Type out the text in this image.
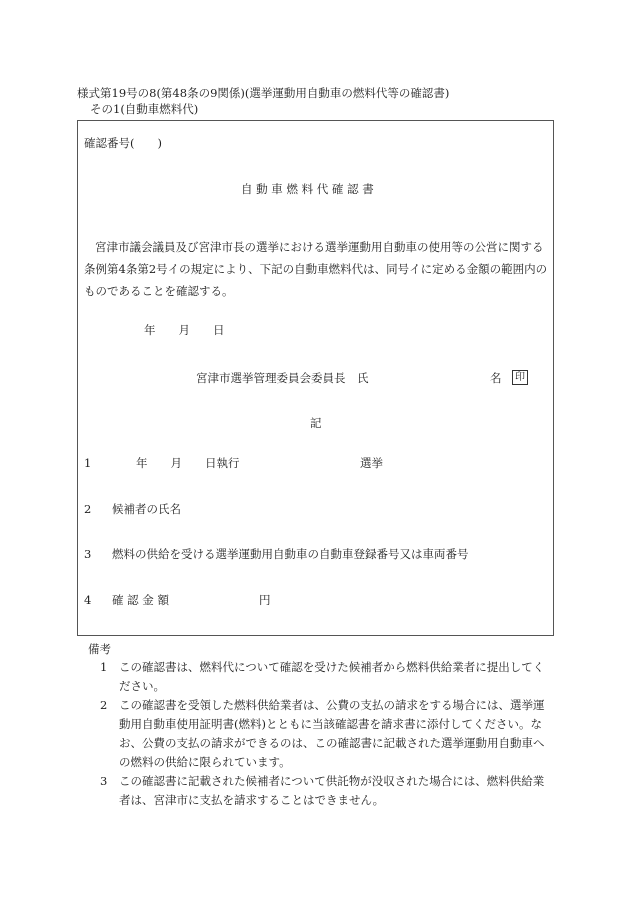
様式第19号の8(第48条の9関係)(選挙運動用自動車の燃料代等の確認書)
その1(自動車燃料代)
確認番号(　　)
自 動 車 燃 料 代 確 認 書
宮津市議会議員及び宮津市長の選挙における選挙運動用自動車の使用等の公営に関する条例第4条第2号イの規定により、下記の自動車燃料代は、同号イに定める金額の範囲内のものであることを確認する。
年　　月　　日
宮津市選挙管理委員会委員長　氏	名	印
記
1	年　　月　　日執行	選挙
2 候補者の氏名
3 燃料の供給を受ける選挙運動用自動車の自動車登録番号又は車両番号
4 確 認 金 額	円
備考
1 この確認書は、燃料代について確認を受けた候補者から燃料供給業者に提出してください。
2 この確認書を受領した燃料供給業者は、公費の支払の請求をする場合には、選挙運動用自動車使用証明書(燃料)とともに当該確認書を請求書に添付してください。なお、公費の支払の請求ができるのは、この確認書に記載された選挙運動用自動車への燃料の供給に限られています。
3 この確認書に記載された候補者について供託物が没収された場合には、燃料供給業者は、宮津市に支払を請求することはできません。
